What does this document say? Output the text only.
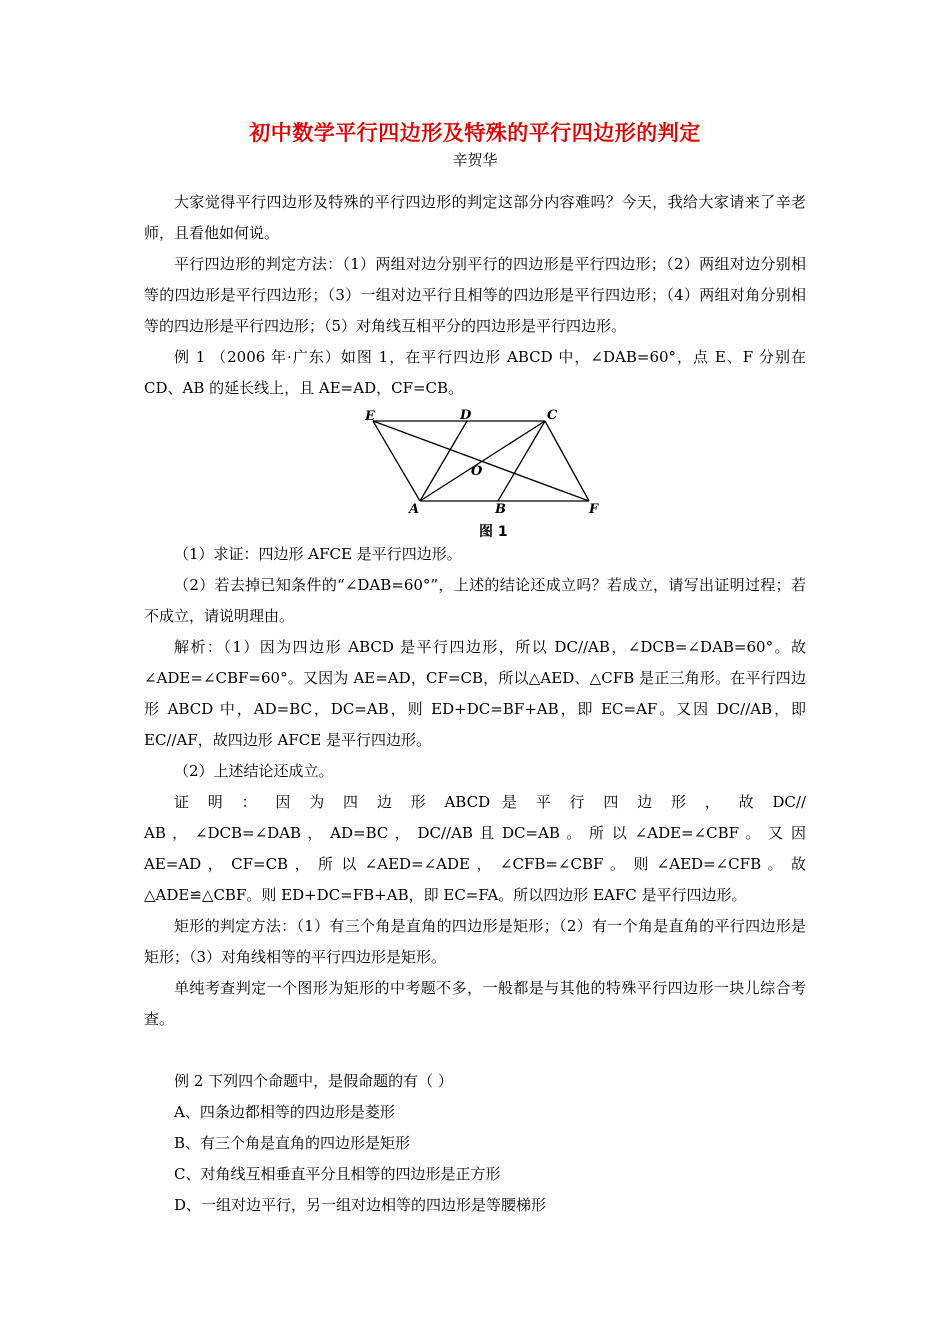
初中数学平行四边形及特殊的平行四边形的判定
辛贺华

大家觉得平行四边形及特殊的平行四边形的判定这部分内容难吗？今天，我给大家请来了辛老师，且看他如何说。

平行四边形的判定方法：（1）两组对边分别平行的四边形是平行四边形；（2）两组对边分别相等的四边形是平行四边形；（3）一组对边平行且相等的四边形是平行四边形；（4）两组对角分别相等的四边形是平行四边形；（5）对角线互相平分的四边形是平行四边形。

例 1 （2006 年·广东）如图 1，在平行四边形 ABCD 中，∠DAB=60°，点 E、F 分别在CD、AB 的延长线上，且 AE=AD，CF=CB。

E	D	C
O
A	B	F
图 1

（1）求证：四边形 AFCE 是平行四边形。

（2）若去掉已知条件的“∠DAB=60°”，上述的结论还成立吗？若成立，请写出证明过程；若不成立，请说明理由。

解析：（1）因为四边形 ABCD 是平行四边形，所以 DC//AB，∠DCB=∠DAB=60°。故∠ADE=∠CBF=60°。又因为 AE=AD，CF=CB，所以△AED、△CFB 是正三角形。在平行四边形 ABCD 中，AD=BC，DC=AB，则 ED+DC=BF+AB，即 EC=AF。又因 DC//AB，即 EC//AF，故四边形 AFCE 是平行四边形。

（2）上述结论还成立。

证 明 ： 因 为 四 边 形 ABCD 是 平 行 四 边 形 ， 故 DC//

AB ， ∠DCB=∠DAB ， AD=BC ， DC//AB 且 DC=AB 。 所 以 ∠ADE=∠CBF 。 又 因

AE=AD ， CF=CB ， 所 以 ∠AED=∠ADE ， ∠CFB=∠CBF 。 则 ∠AED=∠CFB 。 故

△ADE≌△CBF。则 ED+DC=FB+AB，即 EC=FA。所以四边形 EAFC 是平行四边形。

矩形的判定方法：（1）有三个角是直角的四边形是矩形；（2）有一个角是直角的平行四边形是矩形；（3）对角线相等的平行四边形是矩形。

单纯考查判定一个图形为矩形的中考题不多，一般都是与其他的特殊平行四边形一块儿综合考查。

例 2 下列四个命题中，是假命题的有（ ）

A、四条边都相等的四边形是菱形

B、有三个角是直角的四边形是矩形

C、对角线互相垂直平分且相等的四边形是正方形

D、一组对边平行，另一组对边相等的四边形是等腰梯形
